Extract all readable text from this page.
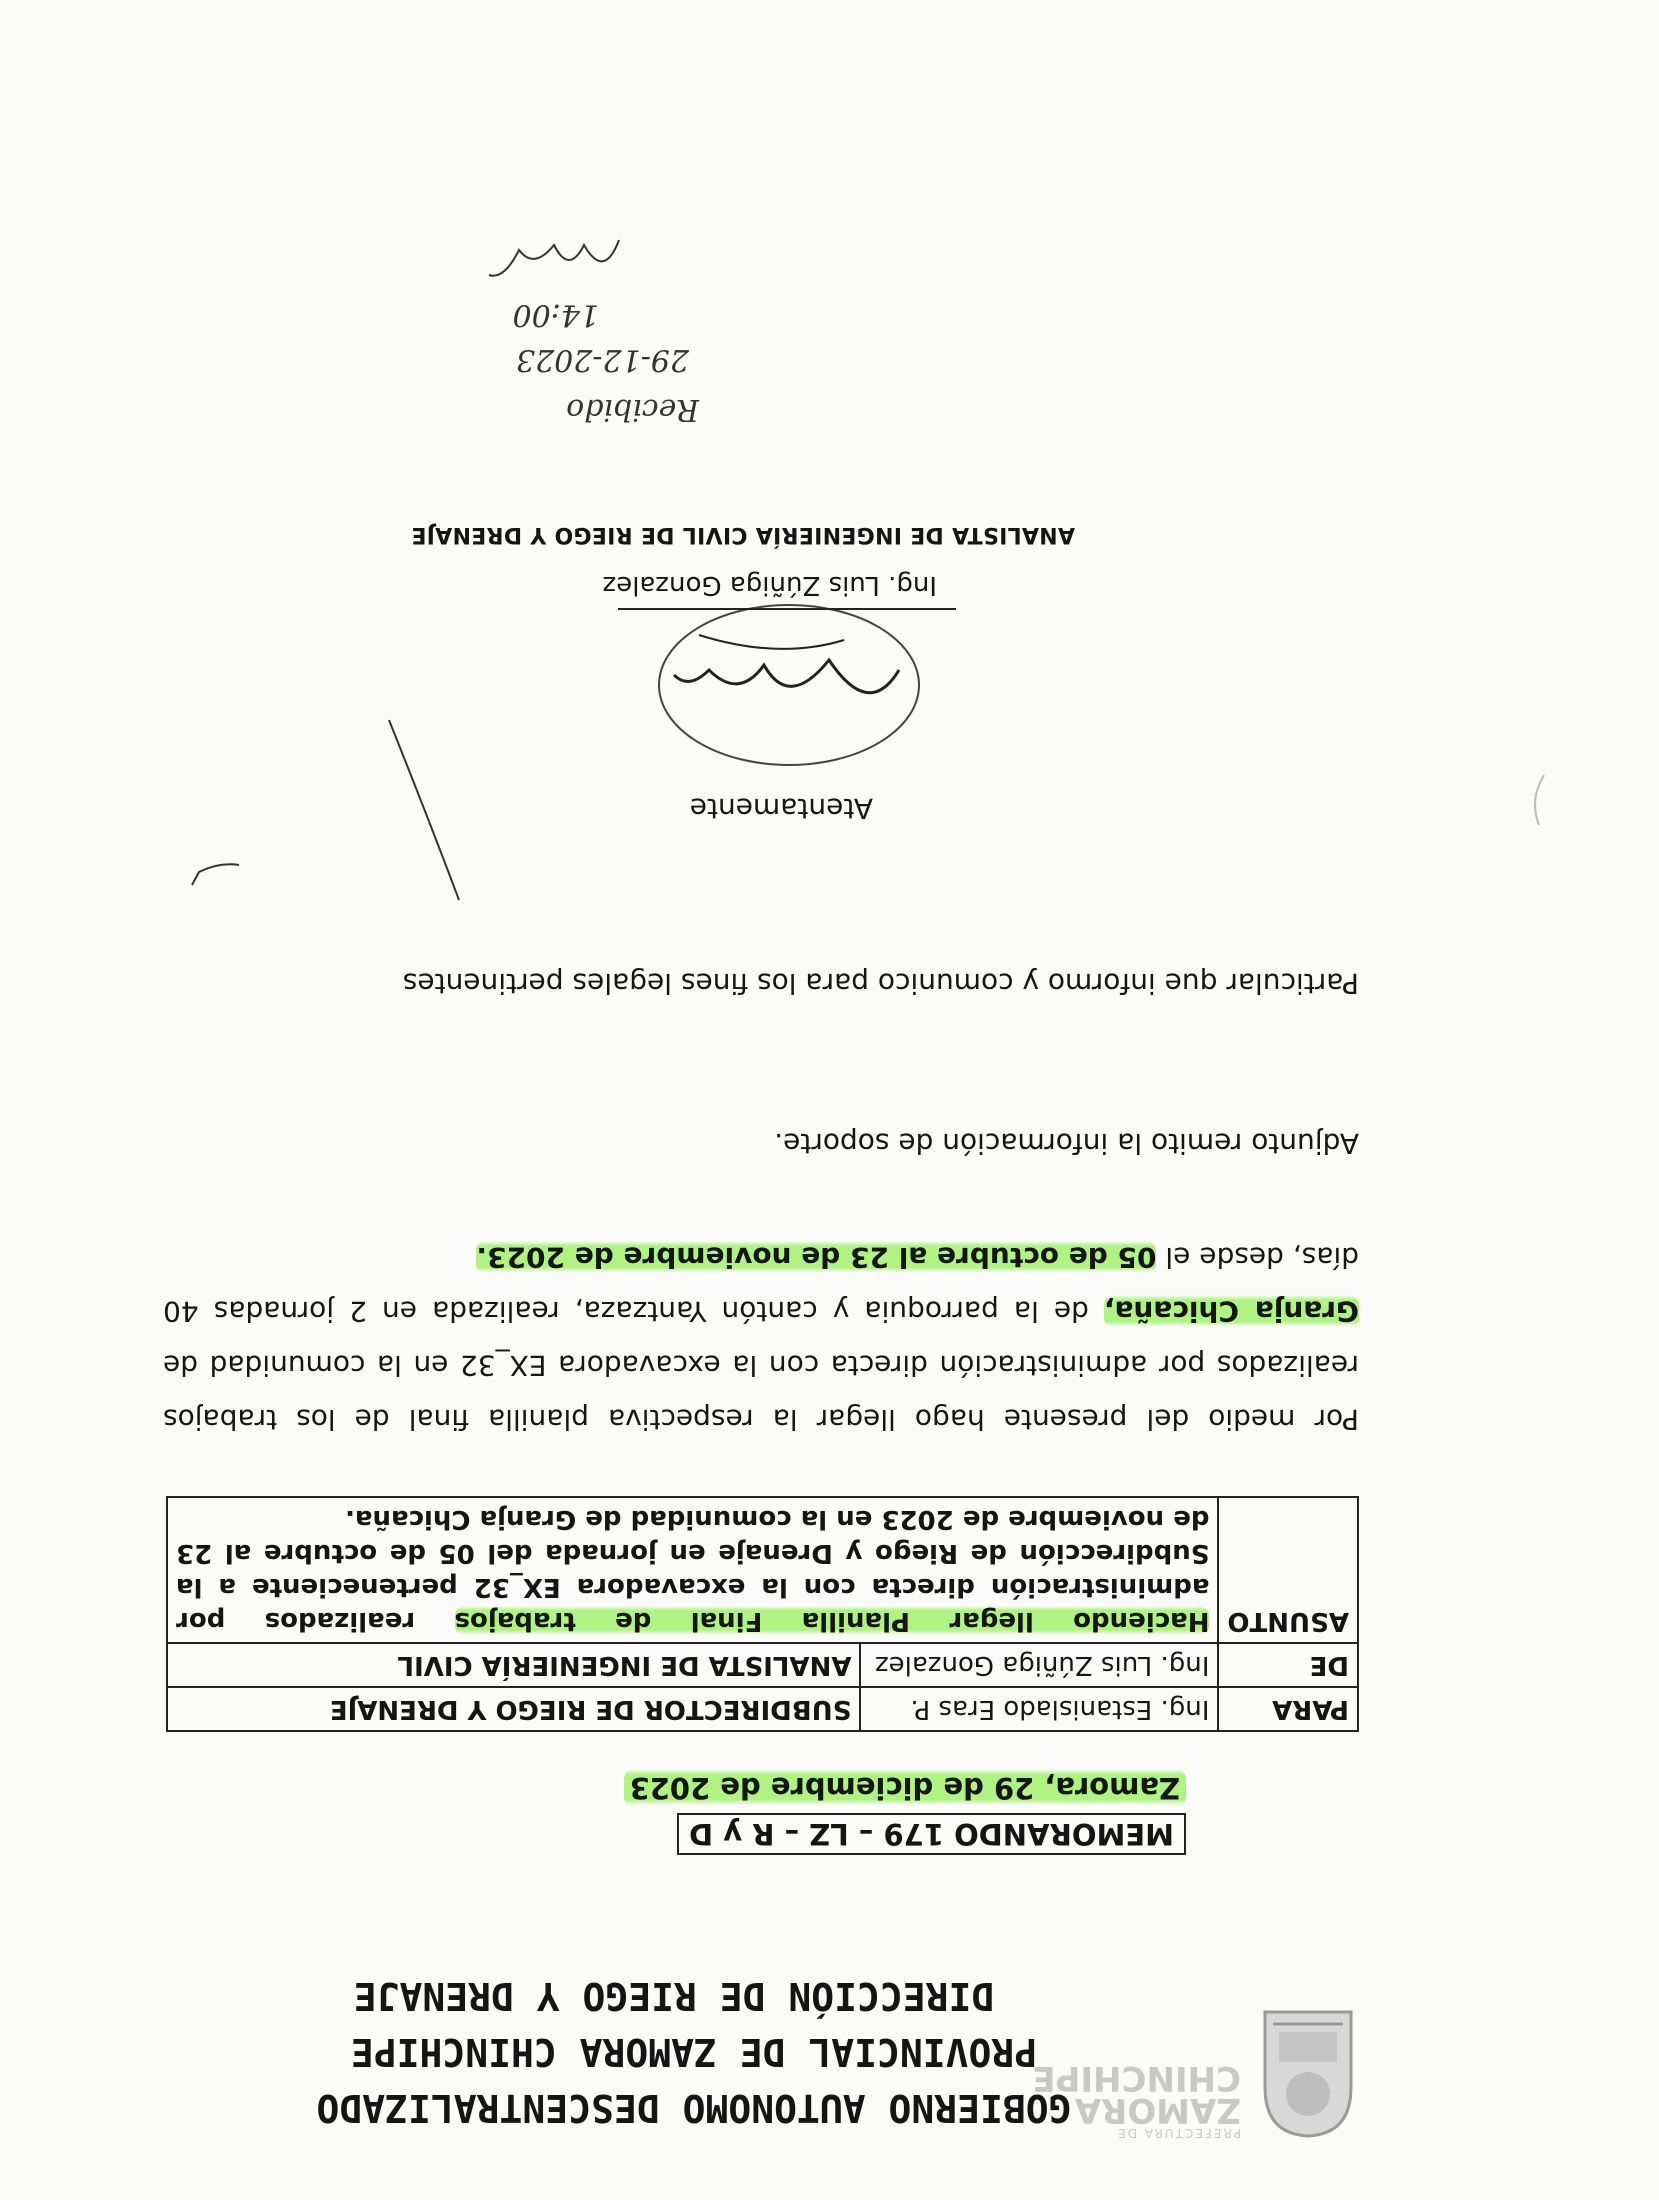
PREFECTURA DE
ZAMORA
CHINCHIPE
GOBIERNO AUTONOMO DESCENTRALIZADO
PROVINCIAL DE ZAMORA CHINCHIPE

DIRECCIÓN DE RIEGO Y DRENAJE
MEMORANDO 179 – LZ – R y D
Zamora, 29 de diciembre de 2023
PARA	Ing. Estanislado Eras P.	SUBDIRECTOR DE RIEGO Y DRENAJE
DE	Ing. Luis Zúñiga Gonzalez	ANALISTA DE INGENIERÍA CIVIL
ASUNTO	Haciendo llegar Planilla Final de trabajos realizados por administración directa con la excavadora EX_32 perteneciente a la Subdirección de Riego y Drenaje en jornada del 05 de octubre al 23 de noviembre de 2023 en la comunidad de Granja Chicaña.	

Por medio del presente hago llegar la respectiva planilla final de los trabajos realizados por administración directa con la excavadora EX_32 en la comunidad de Granja Chicaña, de la parroquia y cantón Yantzaza, realizada en 2 jornadas 40 días, desde el 05 de octubre al 23 de noviembre de 2023.

Adjunto remito la información de soporte.
Particular que informo y comunico para los fines legales pertinentes
Atentamente
Ing. Luis Zúñiga Gonzalez
ANALISTA DE INGENIERÍA CIVIL DE RIEGO Y DRENAJE
Recibido
29-12-2023
14:00
